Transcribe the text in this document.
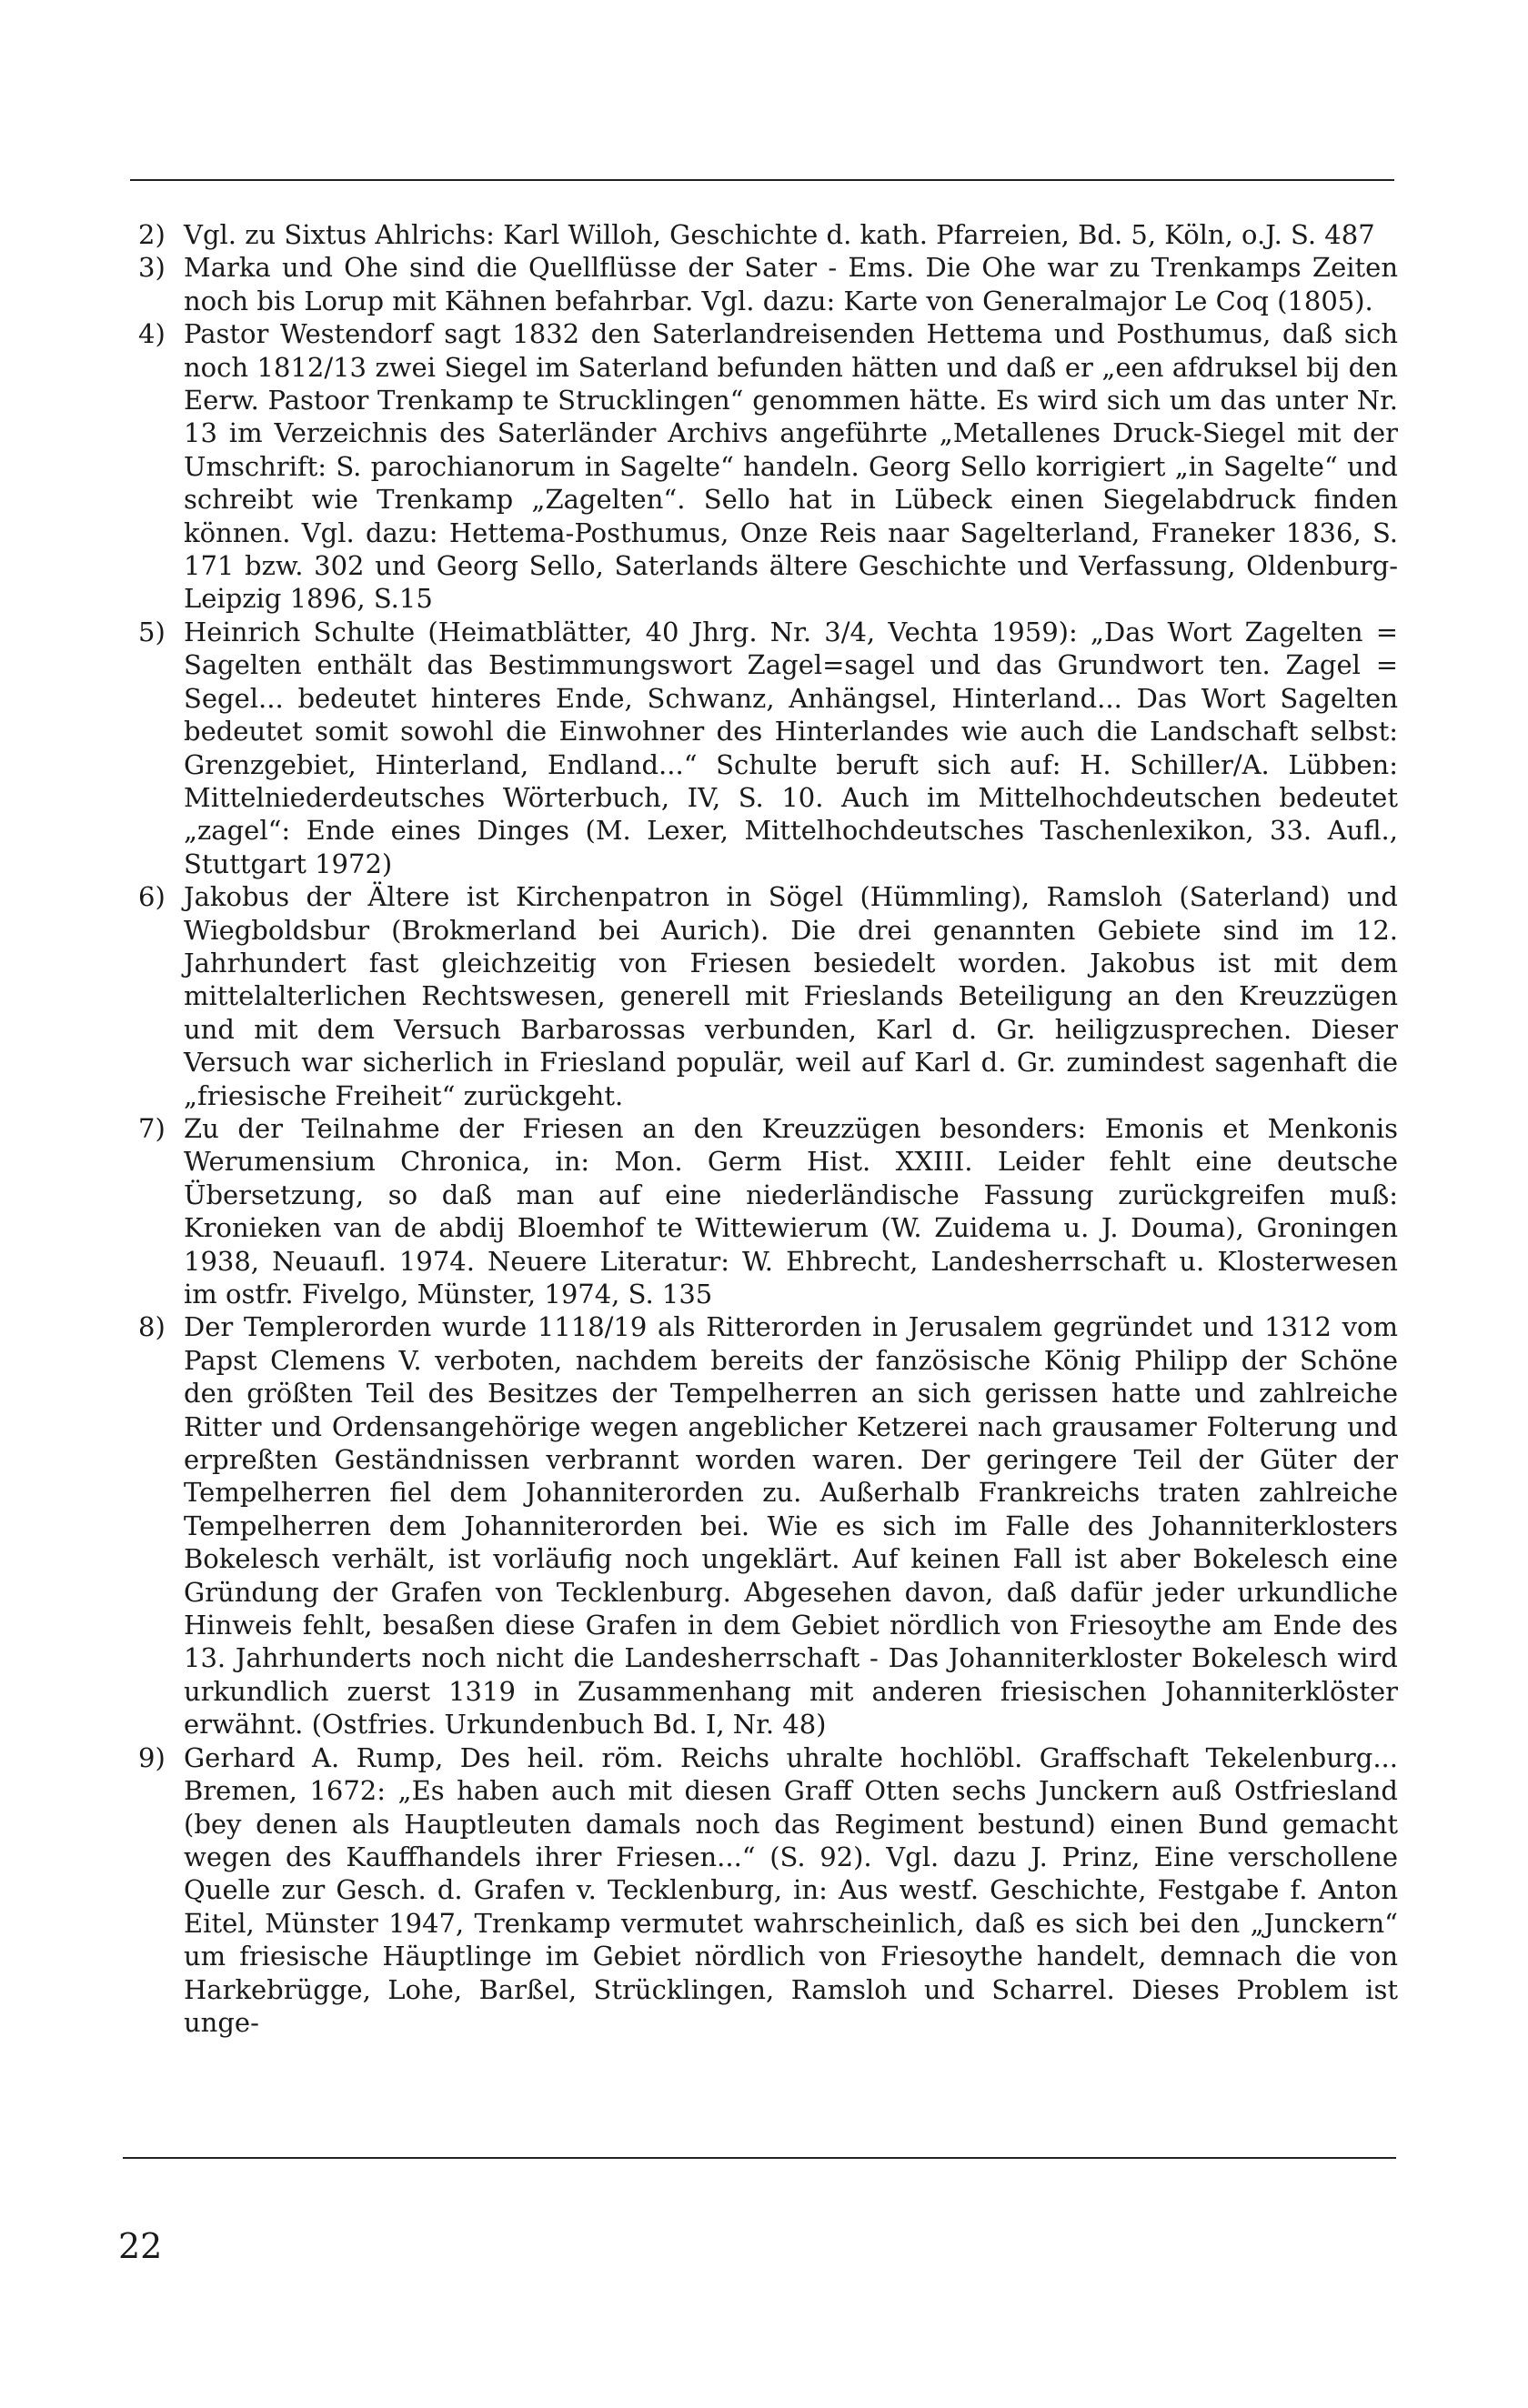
2) Vgl. zu Sixtus Ahlrichs: Karl Willoh, Geschichte d. kath. Pfarreien, Bd. 5, Köln, o.J. S. 487

3) Marka und Ohe sind die Quellflüsse der Sater - Ems. Die Ohe war zu Trenkamps Zeiten noch bis Lorup mit Kähnen befahrbar. Vgl. dazu: Karte von Generalmajor Le Coq (1805).

4) Pastor Westendorf sagt 1832 den Saterlandreisenden Hettema und Posthumus, daß sich noch 1812/13 zwei Siegel im Saterland befunden hätten und daß er „een afdruksel bij den Eerw. Pastoor Trenkamp te Strucklingen“ genommen hätte. Es wird sich um das unter Nr. 13 im Verzeichnis des Saterländer Archivs angeführte „Metallenes Druck-Siegel mit der Umschrift: S. parochianorum in Sagelte“ handeln. Georg Sello korrigiert „in Sagelte“ und schreibt wie Trenkamp „Zagelten“. Sello hat in Lübeck einen Siegelabdruck finden können. Vgl. dazu: Hettema-Posthumus, Onze Reis naar Sagelterland, Franeker 1836, S. 171 bzw. 302 und Georg Sello, Saterlands ältere Geschichte und Verfassung, Oldenburg-Leipzig 1896, S.15

5) Heinrich Schulte (Heimatblätter, 40 Jhrg. Nr. 3/4, Vechta 1959): „Das Wort Zagelten = Sagelten enthält das Bestimmungswort Zagel=sagel und das Grundwort ten. Zagel = Segel... bedeutet hinteres Ende, Schwanz, Anhängsel, Hinterland... Das Wort Sagelten bedeutet somit sowohl die Einwohner des Hinterlandes wie auch die Landschaft selbst: Grenzgebiet, Hinterland, Endland...“ Schulte beruft sich auf: H. Schiller/A. Lübben: Mittelniederdeutsches Wörterbuch, IV, S. 10. Auch im Mittelhochdeutschen bedeutet „zagel“: Ende eines Dinges (M. Lexer, Mittelhochdeutsches Taschenlexikon, 33. Aufl., Stuttgart 1972)

6) Jakobus der Ältere ist Kirchenpatron in Sögel (Hümmling), Ramsloh (Saterland) und Wiegboldsbur (Brokmerland bei Aurich). Die drei genannten Gebiete sind im 12. Jahrhundert fast gleichzeitig von Friesen besiedelt worden. Jakobus ist mit dem mittelalterlichen Rechtswesen, generell mit Frieslands Beteiligung an den Kreuzzügen und mit dem Versuch Barbarossas verbunden, Karl d. Gr. heiligzusprechen. Dieser Versuch war sicherlich in Friesland populär, weil auf Karl d. Gr. zumindest sagenhaft die „friesische Freiheit“ zurückgeht.

7) Zu der Teilnahme der Friesen an den Kreuzzügen besonders: Emonis et Menkonis Werumensium Chronica, in: Mon. Germ Hist. XXIII. Leider fehlt eine deutsche Übersetzung, so daß man auf eine niederländische Fassung zurückgreifen muß: Kronieken van de abdij Bloemhof te Wittewierum (W. Zuidema u. J. Douma), Groningen 1938, Neuaufl. 1974. Neuere Literatur: W. Ehbrecht, Landesherrschaft u. Klosterwesen im ostfr. Fivelgo, Münster, 1974, S. 135

8) Der Templerorden wurde 1118/19 als Ritterorden in Jerusalem gegründet und 1312 vom Papst Clemens V. verboten, nachdem bereits der fanzösische König Philipp der Schöne den größten Teil des Besitzes der Tempelherren an sich gerissen hatte und zahlreiche Ritter und Ordensangehörige wegen angeblicher Ketzerei nach grausamer Folterung und erpreßten Geständnissen verbrannt worden waren. Der geringere Teil der Güter der Tempelherren fiel dem Johanniterorden zu. Außerhalb Frankreichs traten zahlreiche Tempelherren dem Johanniterorden bei. Wie es sich im Falle des Johanniterklosters Bokelesch verhält, ist vorläufig noch ungeklärt. Auf keinen Fall ist aber Bokelesch eine Gründung der Grafen von Tecklenburg. Abgesehen davon, daß dafür jeder urkundliche Hinweis fehlt, besaßen diese Grafen in dem Gebiet nördlich von Friesoythe am Ende des 13. Jahrhunderts noch nicht die Landesherrschaft - Das Johanniterkloster Bokelesch wird urkundlich zuerst 1319 in Zusammenhang mit anderen friesischen Johanniterklöster erwähnt. (Ostfries. Urkundenbuch Bd. I, Nr. 48)

9) Gerhard A. Rump, Des heil. röm. Reichs uhralte hochlöbl. Graffschaft Tekelenburg... Bremen, 1672: „Es haben auch mit diesen Graff Otten sechs Junckern auß Ostfriesland (bey denen als Hauptleuten damals noch das Regiment bestund) einen Bund gemacht wegen des Kauffhandels ihrer Friesen...“ (S. 92). Vgl. dazu J. Prinz, Eine verschollene Quelle zur Gesch. d. Grafen v. Tecklenburg, in: Aus westf. Geschichte, Festgabe f. Anton Eitel, Münster 1947, Trenkamp vermutet wahrscheinlich, daß es sich bei den „Junckern“ um friesische Häuptlinge im Gebiet nördlich von Friesoythe handelt, demnach die von Harkebrügge, Lohe, Barßel, Strücklingen, Ramsloh und Scharrel. Dieses Problem ist unge-

22
